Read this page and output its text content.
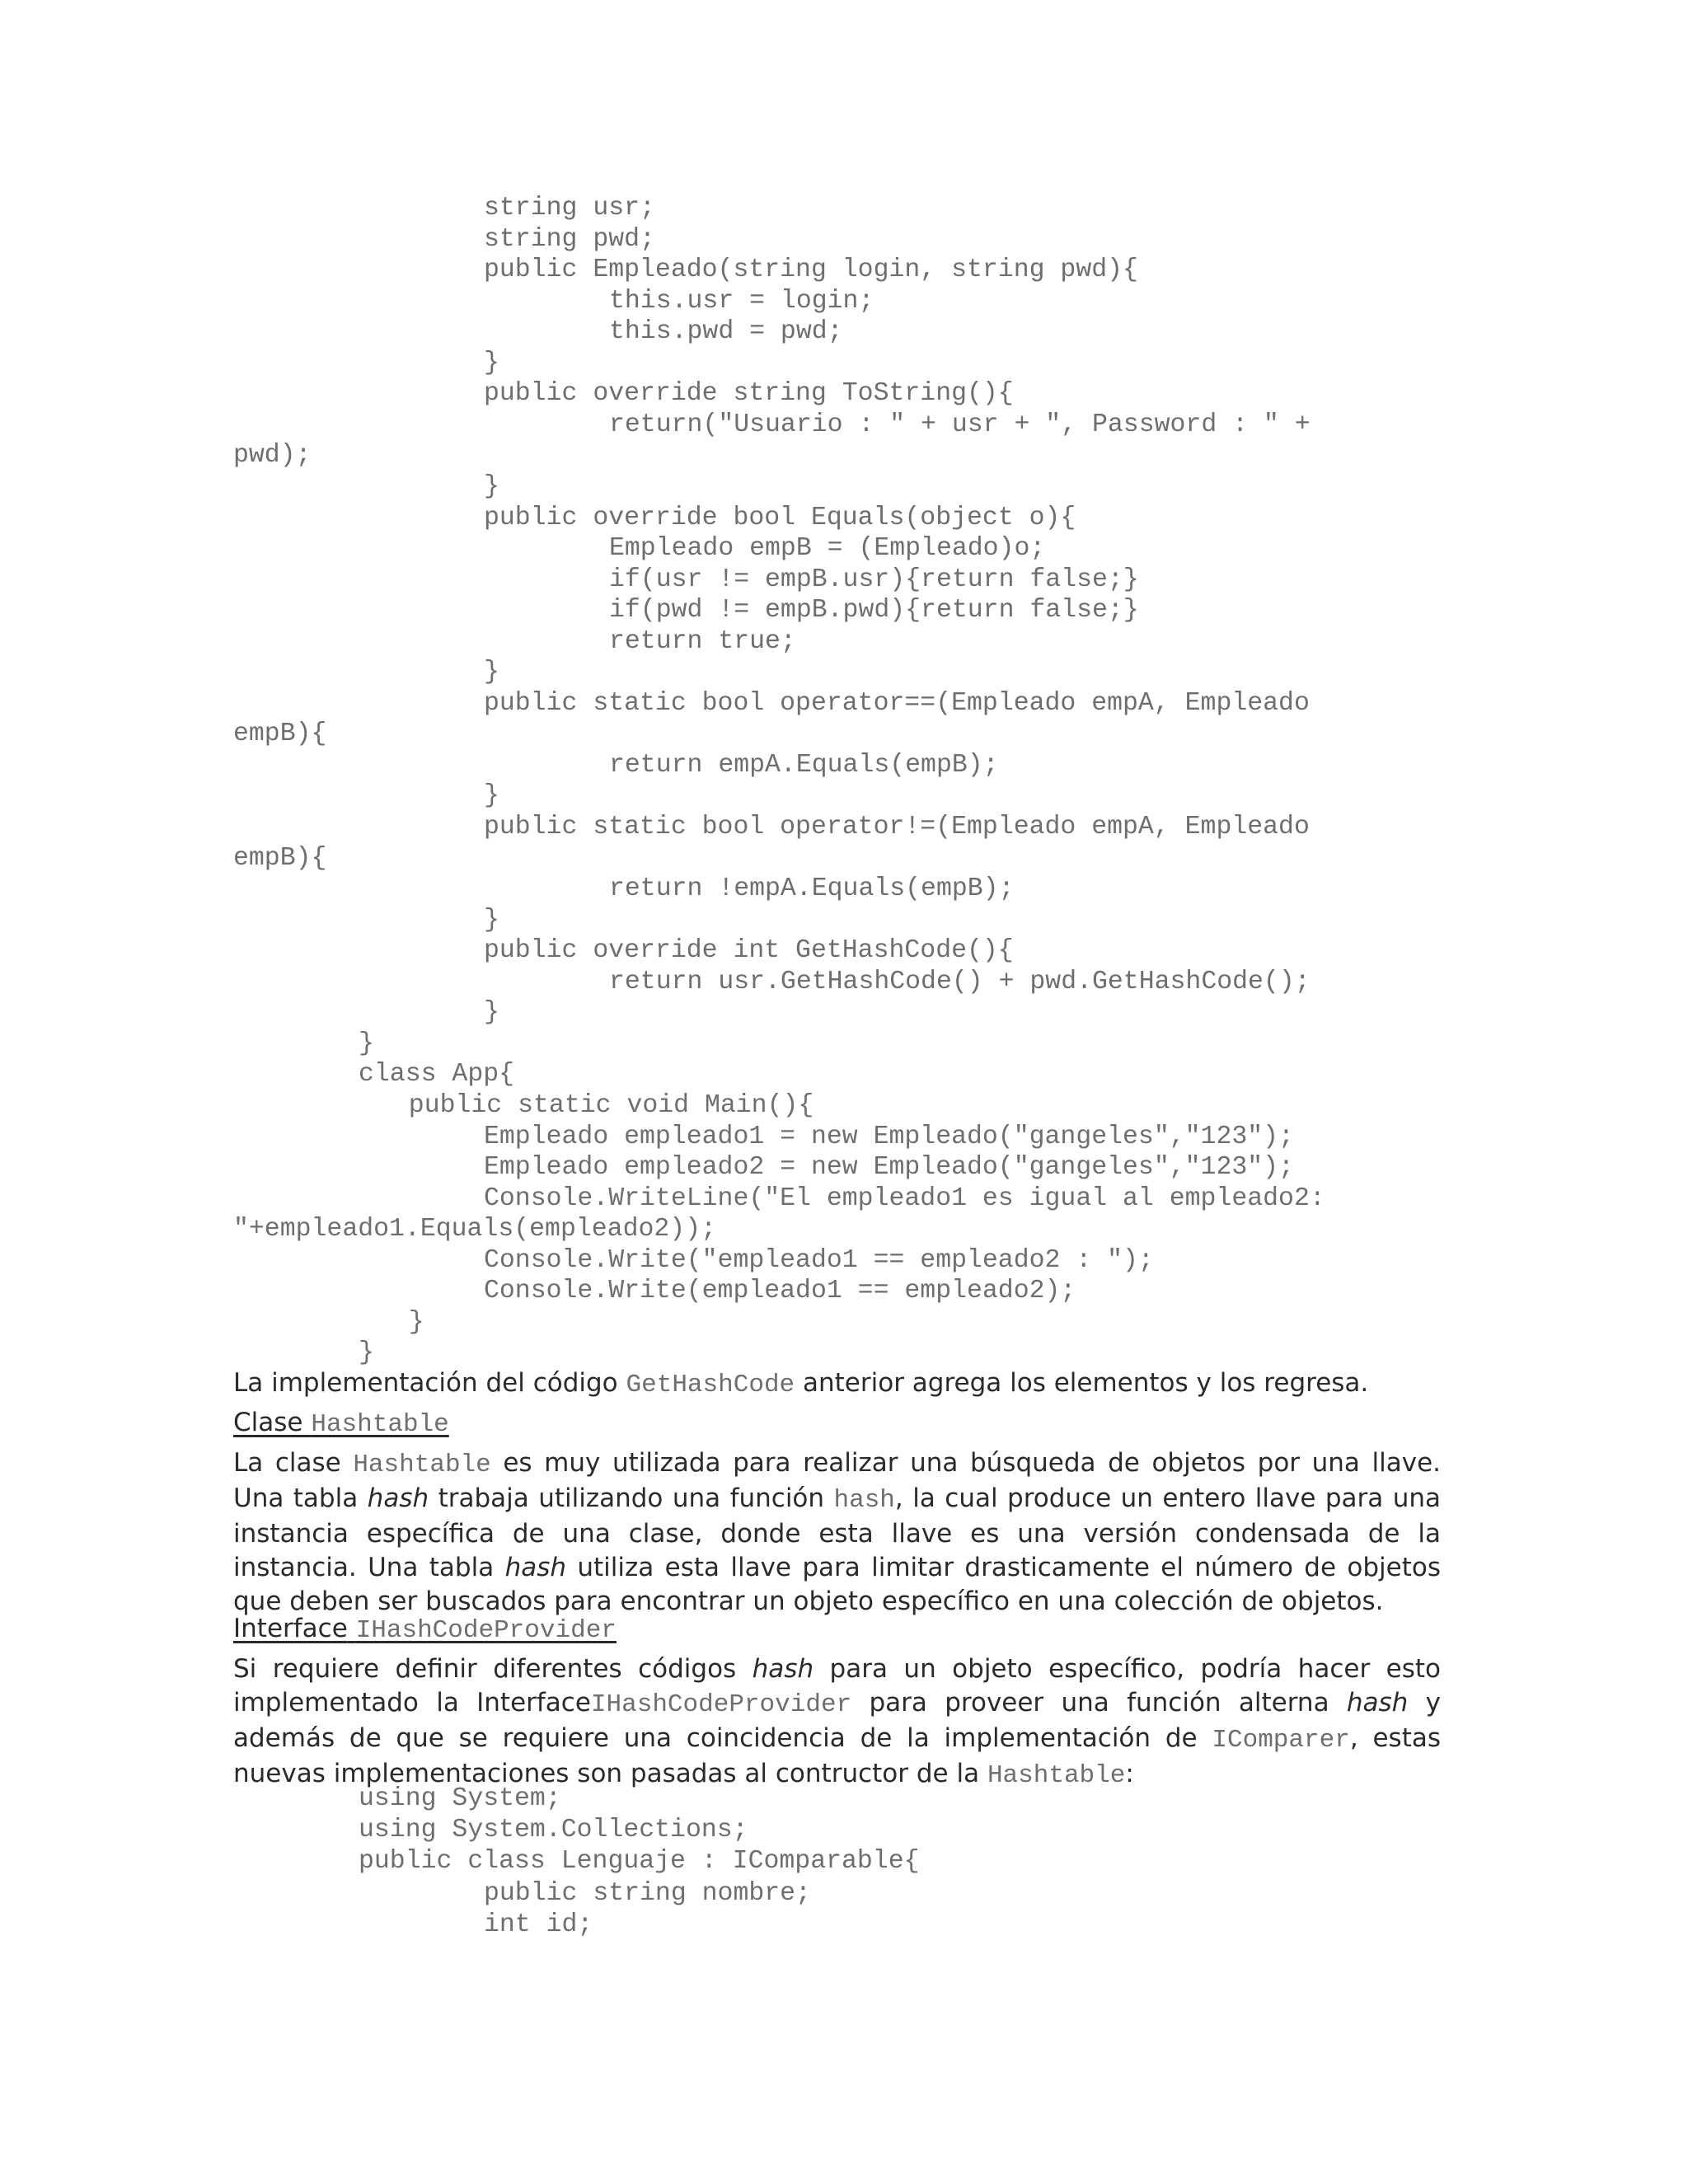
string usr;
string pwd;
public Empleado(string login, string pwd){
this.usr = login;
this.pwd = pwd;
}
public override string ToString(){
return("Usuario : " + usr + ", Password : " +
pwd);
}
public override bool Equals(object o){
Empleado empB = (Empleado)o;
if(usr != empB.usr){return false;}
if(pwd != empB.pwd){return false;}
return true;
}
public static bool operator==(Empleado empA, Empleado
empB){
return empA.Equals(empB);
}
public static bool operator!=(Empleado empA, Empleado
empB){
return !empA.Equals(empB);
}
public override int GetHashCode(){
return usr.GetHashCode() + pwd.GetHashCode();
}
}
class App{
public static void Main(){
Empleado empleado1 = new Empleado("gangeles","123");
Empleado empleado2 = new Empleado("gangeles","123");
Console.WriteLine("El empleado1 es igual al empleado2:
"+empleado1.Equals(empleado2));
Console.Write("empleado1 == empleado2 : ");
Console.Write(empleado1 == empleado2);
}
}
La implementación del código GetHashCode anterior agrega los elementos y los regresa.
Clase Hashtable
La clase Hashtable es muy utilizada para realizar una búsqueda de objetos por una llave. Una tabla hash trabaja utilizando una función hash, la cual produce un entero llave para una instancia específica de una clase, donde esta llave es una versión condensada de la instancia. Una tabla hash utiliza esta llave para limitar drasticamente el número de objetos que deben ser buscados para encontrar un objeto específico en una colección de objetos.
Interface IHashCodeProvider
Si requiere definir diferentes códigos hash para un objeto específico, podría hacer esto implementado la InterfaceIHashCodeProvider para proveer una función alterna hash y además de que se requiere una coincidencia de la implementación de IComparer, estas nuevas implementaciones son pasadas al contructor de la Hashtable:
using System;
using System.Collections;
public class Lenguaje : IComparable{
public string nombre;
int id;
